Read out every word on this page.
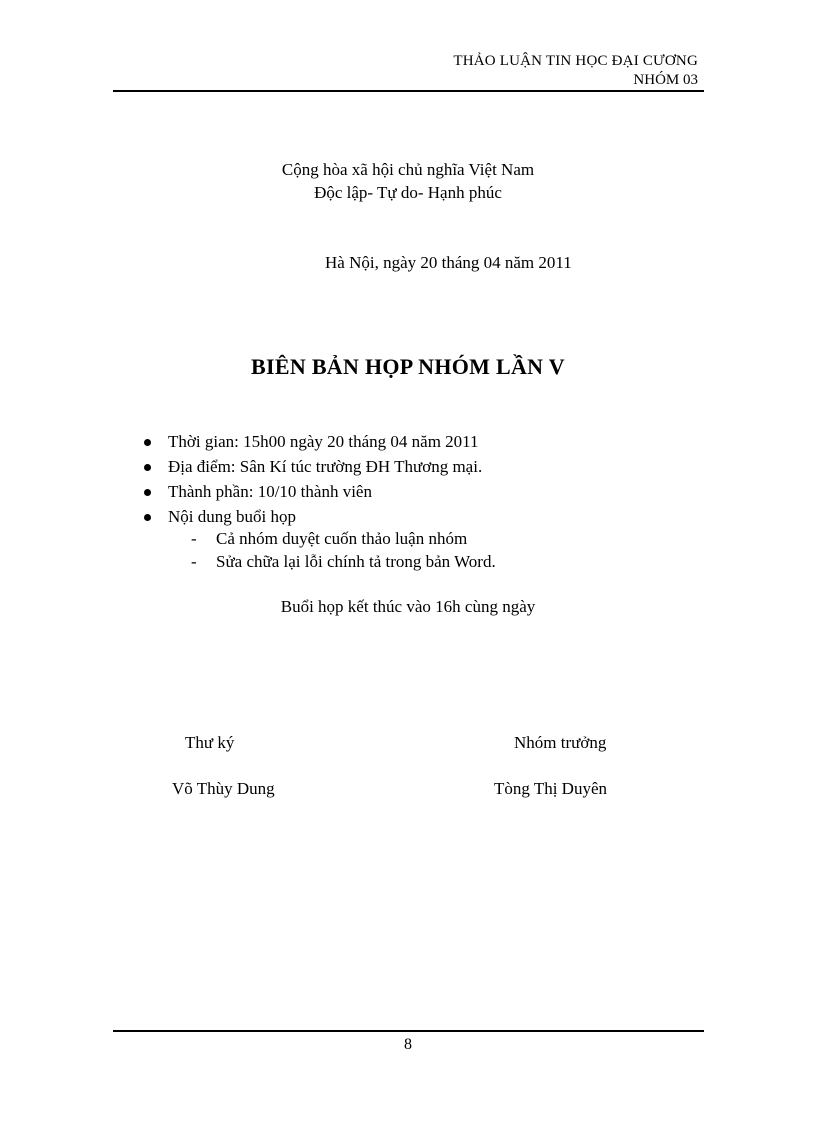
THẢO LUẬN TIN HỌC ĐẠI CƯƠNG
NHÓM 03
Cộng hòa xã hội chủ nghĩa Việt Nam
Độc lập- Tự do- Hạnh phúc
Hà Nội, ngày 20 tháng 04 năm 2011
BIÊN BẢN HỌP NHÓM LẦN V
Thời gian: 15h00 ngày 20 tháng 04 năm 2011
Địa điểm: Sân Kí túc trường ĐH Thương mại.
Thành phần: 10/10 thành viên
Nội dung buổi họp
- Cả nhóm duyệt cuốn thảo luận nhóm
- Sửa chữa lại lỗi chính tả trong bản Word.
Buổi họp kết thúc vào 16h cùng ngày
Thư ký	Nhóm trưởng
Võ Thùy Dung	Tòng Thị Duyên
8
